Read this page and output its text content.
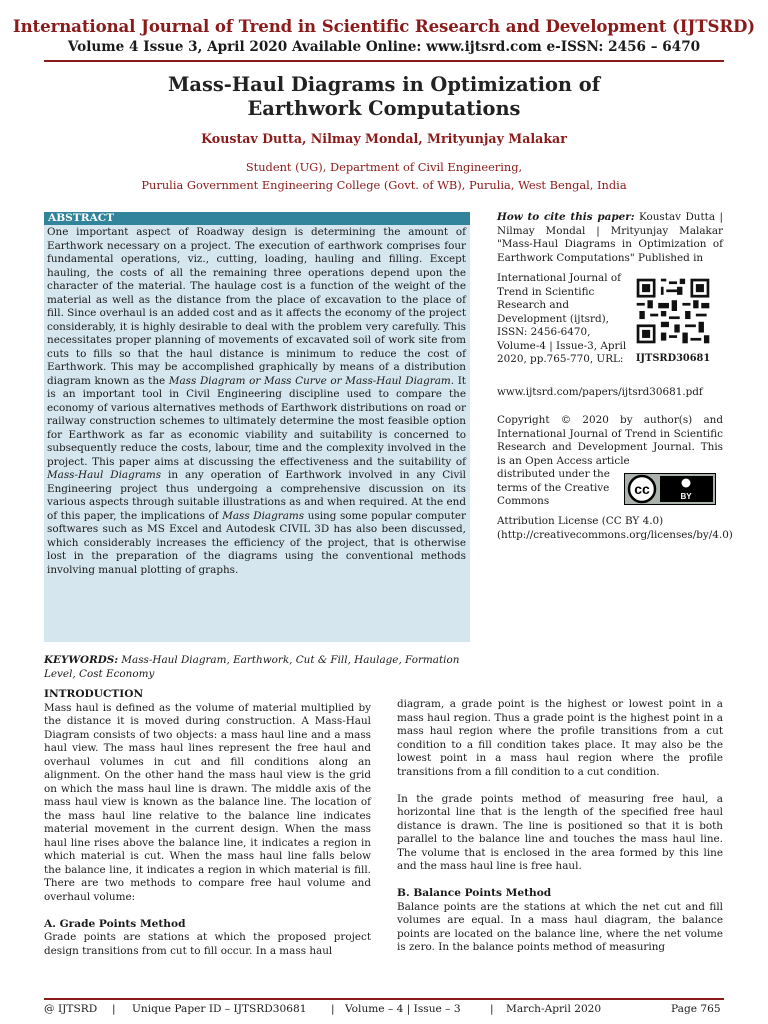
International Journal of Trend in Scientific Research and Development (IJTSRD)
Volume 4 Issue 3, April 2020 Available Online: www.ijtsrd.com e-ISSN: 2456 – 6470
Mass-Haul Diagrams in Optimization of
Earthwork Computations
Koustav Dutta, Nilmay Mondal, Mrityunjay Malakar
Student (UG), Department of Civil Engineering,
Purulia Government Engineering College (Govt. of WB), Purulia, West Bengal, India
ABSTRACT
One important aspect of Roadway design is determining the amount of Earthwork necessary on a project. The execution of earthwork comprises four fundamental operations, viz., cutting, loading, hauling and filling. Except hauling, the costs of all the remaining three operations depend upon the character of the material. The haulage cost is a function of the weight of the material as well as the distance from the place of excavation to the place of fill. Since overhaul is an added cost and as it affects the economy of the project considerably, it is highly desirable to deal with the problem very carefully. This necessitates proper planning of movements of excavated soil of work site from cuts to fills so that the haul distance is minimum to reduce the cost of Earthwork. This may be accomplished graphically by means of a distribution diagram known as the Mass Diagram or Mass Curve or Mass-Haul Diagram. It is an important tool in Civil Engineering discipline used to compare the economy of various alternatives methods of Earthwork distributions on road or railway construction schemes to ultimately determine the most feasible option for Earthwork as far as economic viability and suitability is concerned to subsequently reduce the costs, labour, time and the complexity involved in the project. This paper aims at discussing the effectiveness and the suitability of Mass-Haul Diagrams in any operation of Earthwork involved in any Civil Engineering project thus undergoing a comprehensive discussion on its various aspects through suitable illustrations as and when required. At the end of this paper, the implications of Mass Diagrams using some popular computer softwares such as MS Excel and Autodesk CIVIL 3D has also been discussed, which considerably increases the efficiency of the project, that is otherwise lost in the preparation of the diagrams using the conventional methods involving manual plotting of graphs.
KEYWORDS: Mass-Haul Diagram, Earthwork, Cut & Fill, Haulage, Formation Level, Cost Economy
How to cite this paper: Koustav Dutta | Nilmay Mondal | Mrityunjay Malakar "Mass-Haul Diagrams in Optimization of Earthwork Computations" Published in
International Journal of Trend in Scientific Research and Development (ijtsrd), ISSN: 2456-6470, Volume-4 | Issue-3, April 2020, pp.765-770, URL:
www.ijtsrd.com/papers/ijtsrd30681.pdf
IJTSRD30681
Copyright © 2020 by author(s) and International Journal of Trend in Scientific Research and Development Journal. This is an Open Access article
distributed under the terms of the Creative Commons
Attribution License (CC BY 4.0) (http://creativecommons.org/licenses/by/4.0)
cc	BY
INTRODUCTION

Mass haul is defined as the volume of material multiplied by the distance it is moved during construction. A Mass-Haul Diagram consists of two objects: a mass haul line and a mass haul view. The mass haul lines represent the free haul and overhaul volumes in cut and fill conditions along an alignment. On the other hand the mass haul view is the grid on which the mass haul line is drawn. The middle axis of the mass haul view is known as the balance line. The location of the mass haul line relative to the balance line indicates material movement in the current design. When the mass haul line rises above the balance line, it indicates a region in which material is cut. When the mass haul line falls below the balance line, it indicates a region in which material is fill. There are two methods to compare free haul volume and overhaul volume:

A. Grade Points Method

Grade points are stations at which the proposed project design transitions from cut to fill occur. In a mass haul

diagram, a grade point is the highest or lowest point in a mass haul region. Thus a grade point is the highest point in a mass haul region where the profile transitions from a cut condition to a fill condition takes place. It may also be the lowest point in a mass haul region where the profile transitions from a fill condition to a cut condition.

In the grade points method of measuring free haul, a horizontal line that is the length of the specified free haul distance is drawn. The line is positioned so that it is both parallel to the balance line and touches the mass haul line. The volume that is enclosed in the area formed by this line and the mass haul line is free haul.

B. Balance Points Method

Balance points are the stations at which the net cut and fill volumes are equal. In a mass haul diagram, the balance points are located on the balance line, where the net volume is zero. In the balance points method of measuring

@ IJTSRD | Unique Paper ID – IJTSRD30681 | Volume – 4 | Issue – 3	| March-April 2020	Page 765
